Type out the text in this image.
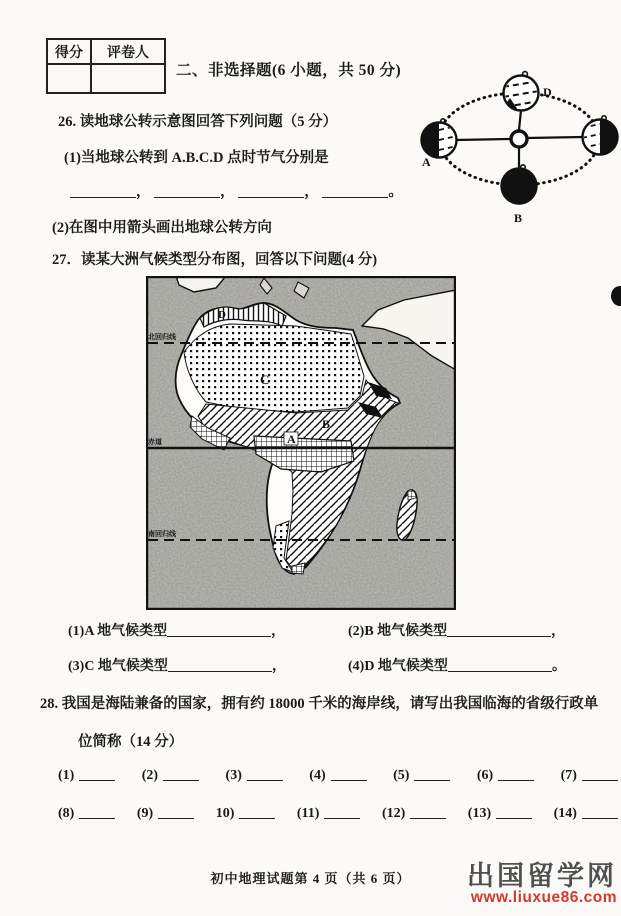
得分	评卷人
二、非选择题(6 小题，共 50 分)
26. 读地球公转示意图回答下列问题（5 分）
(1)当地球公转到 A.B.C.D 点时节气分别是
，	，	，	。
(2)在图中用箭头画出地球公转方向
27．读某大洲气候类型分布图，回答以下问题(4 分)
A
B
D
北回归线
赤道
南回归线
A
B
C
D
(1)A 地气候类型	，	(2)B 地气候类型	，
(3)C 地气候类型	，	(4)D 地气候类型	。
28. 我国是海陆兼备的国家，拥有约 18000 千米的海岸线，请写出我国临海的省级行政单
位简称（14 分）
(1)	(2)	(3)	(4)	(5)	(6)	(7)
(8)	(9)	10)	(11)	(12)	(13)	(14)
初中地理试题第 4 页（共 6 页）	出国留学网
www.liuxue86.com
